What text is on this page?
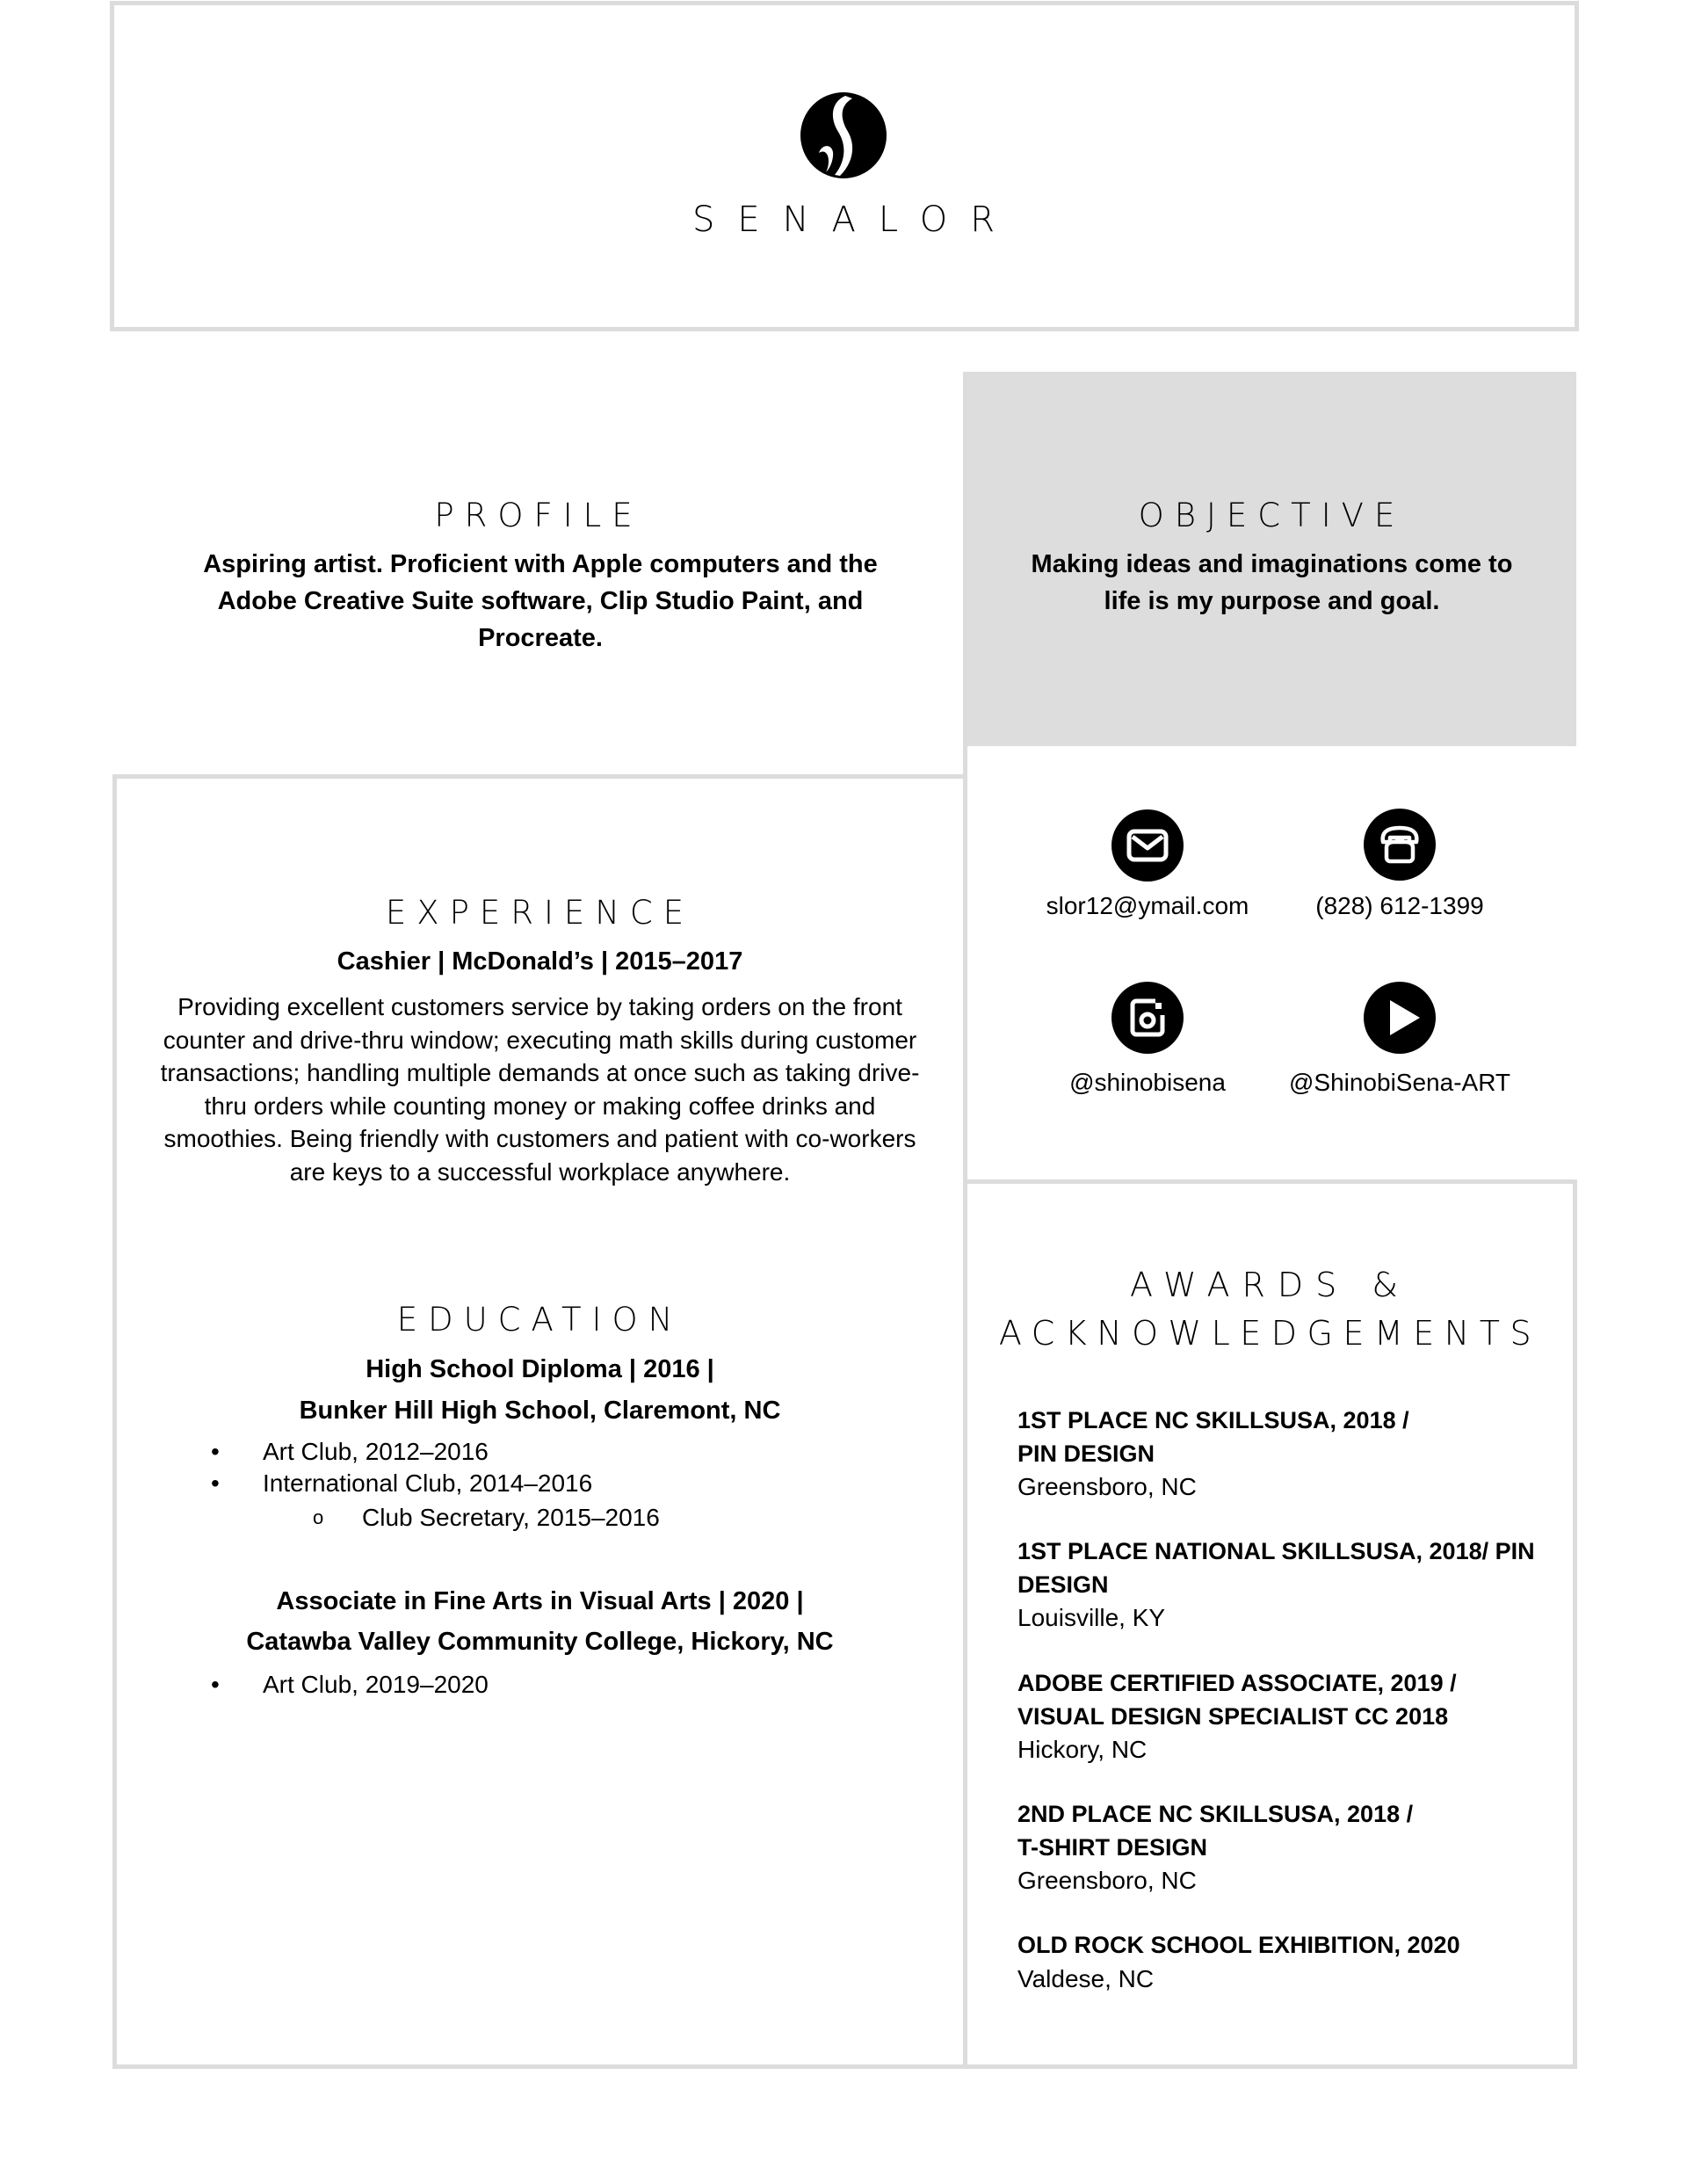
SENALOR
PROFILE
Aspiring artist. Proficient with Apple computers and the Adobe Creative Suite software, Clip Studio Paint, and Procreate.
OBJECTIVE
Making ideas and imaginations come to life is my purpose and goal.
EXPERIENCE
Cashier | McDonald’s | 2015–2017
Providing excellent customers service by taking orders on the front counter and drive-thru window; executing math skills during customer transactions; handling multiple demands at once such as taking drive-thru orders while counting money or making coffee drinks and smoothies. Being friendly with customers and patient with co-workers are keys to a successful workplace anywhere.
EDUCATION
High School Diploma | 2016 |
Bunker Hill High School, Claremont, NC
• Art Club, 2012–2016
• International Club, 2014–2016
o Club Secretary, 2015–2016
Associate in Fine Arts in Visual Arts | 2020 |
Catawba Valley Community College, Hickory, NC
• Art Club, 2019–2020
slor12@ymail.com	(828) 612-1399
@shinobisena	@ShinobiSena-ART
AWARDS &
ACKNOWLEDGEMENTS
1ST PLACE NC SKILLSUSA, 2018 /
PIN DESIGN
Greensboro, NC
1ST PLACE NATIONAL SKILLSUSA, 2018/ PIN
DESIGN
Louisville, KY
ADOBE CERTIFIED ASSOCIATE, 2019 /
VISUAL DESIGN SPECIALIST CC 2018
Hickory, NC
2ND PLACE NC SKILLSUSA, 2018 /
T-SHIRT DESIGN
Greensboro, NC
OLD ROCK SCHOOL EXHIBITION, 2020
Valdese, NC
